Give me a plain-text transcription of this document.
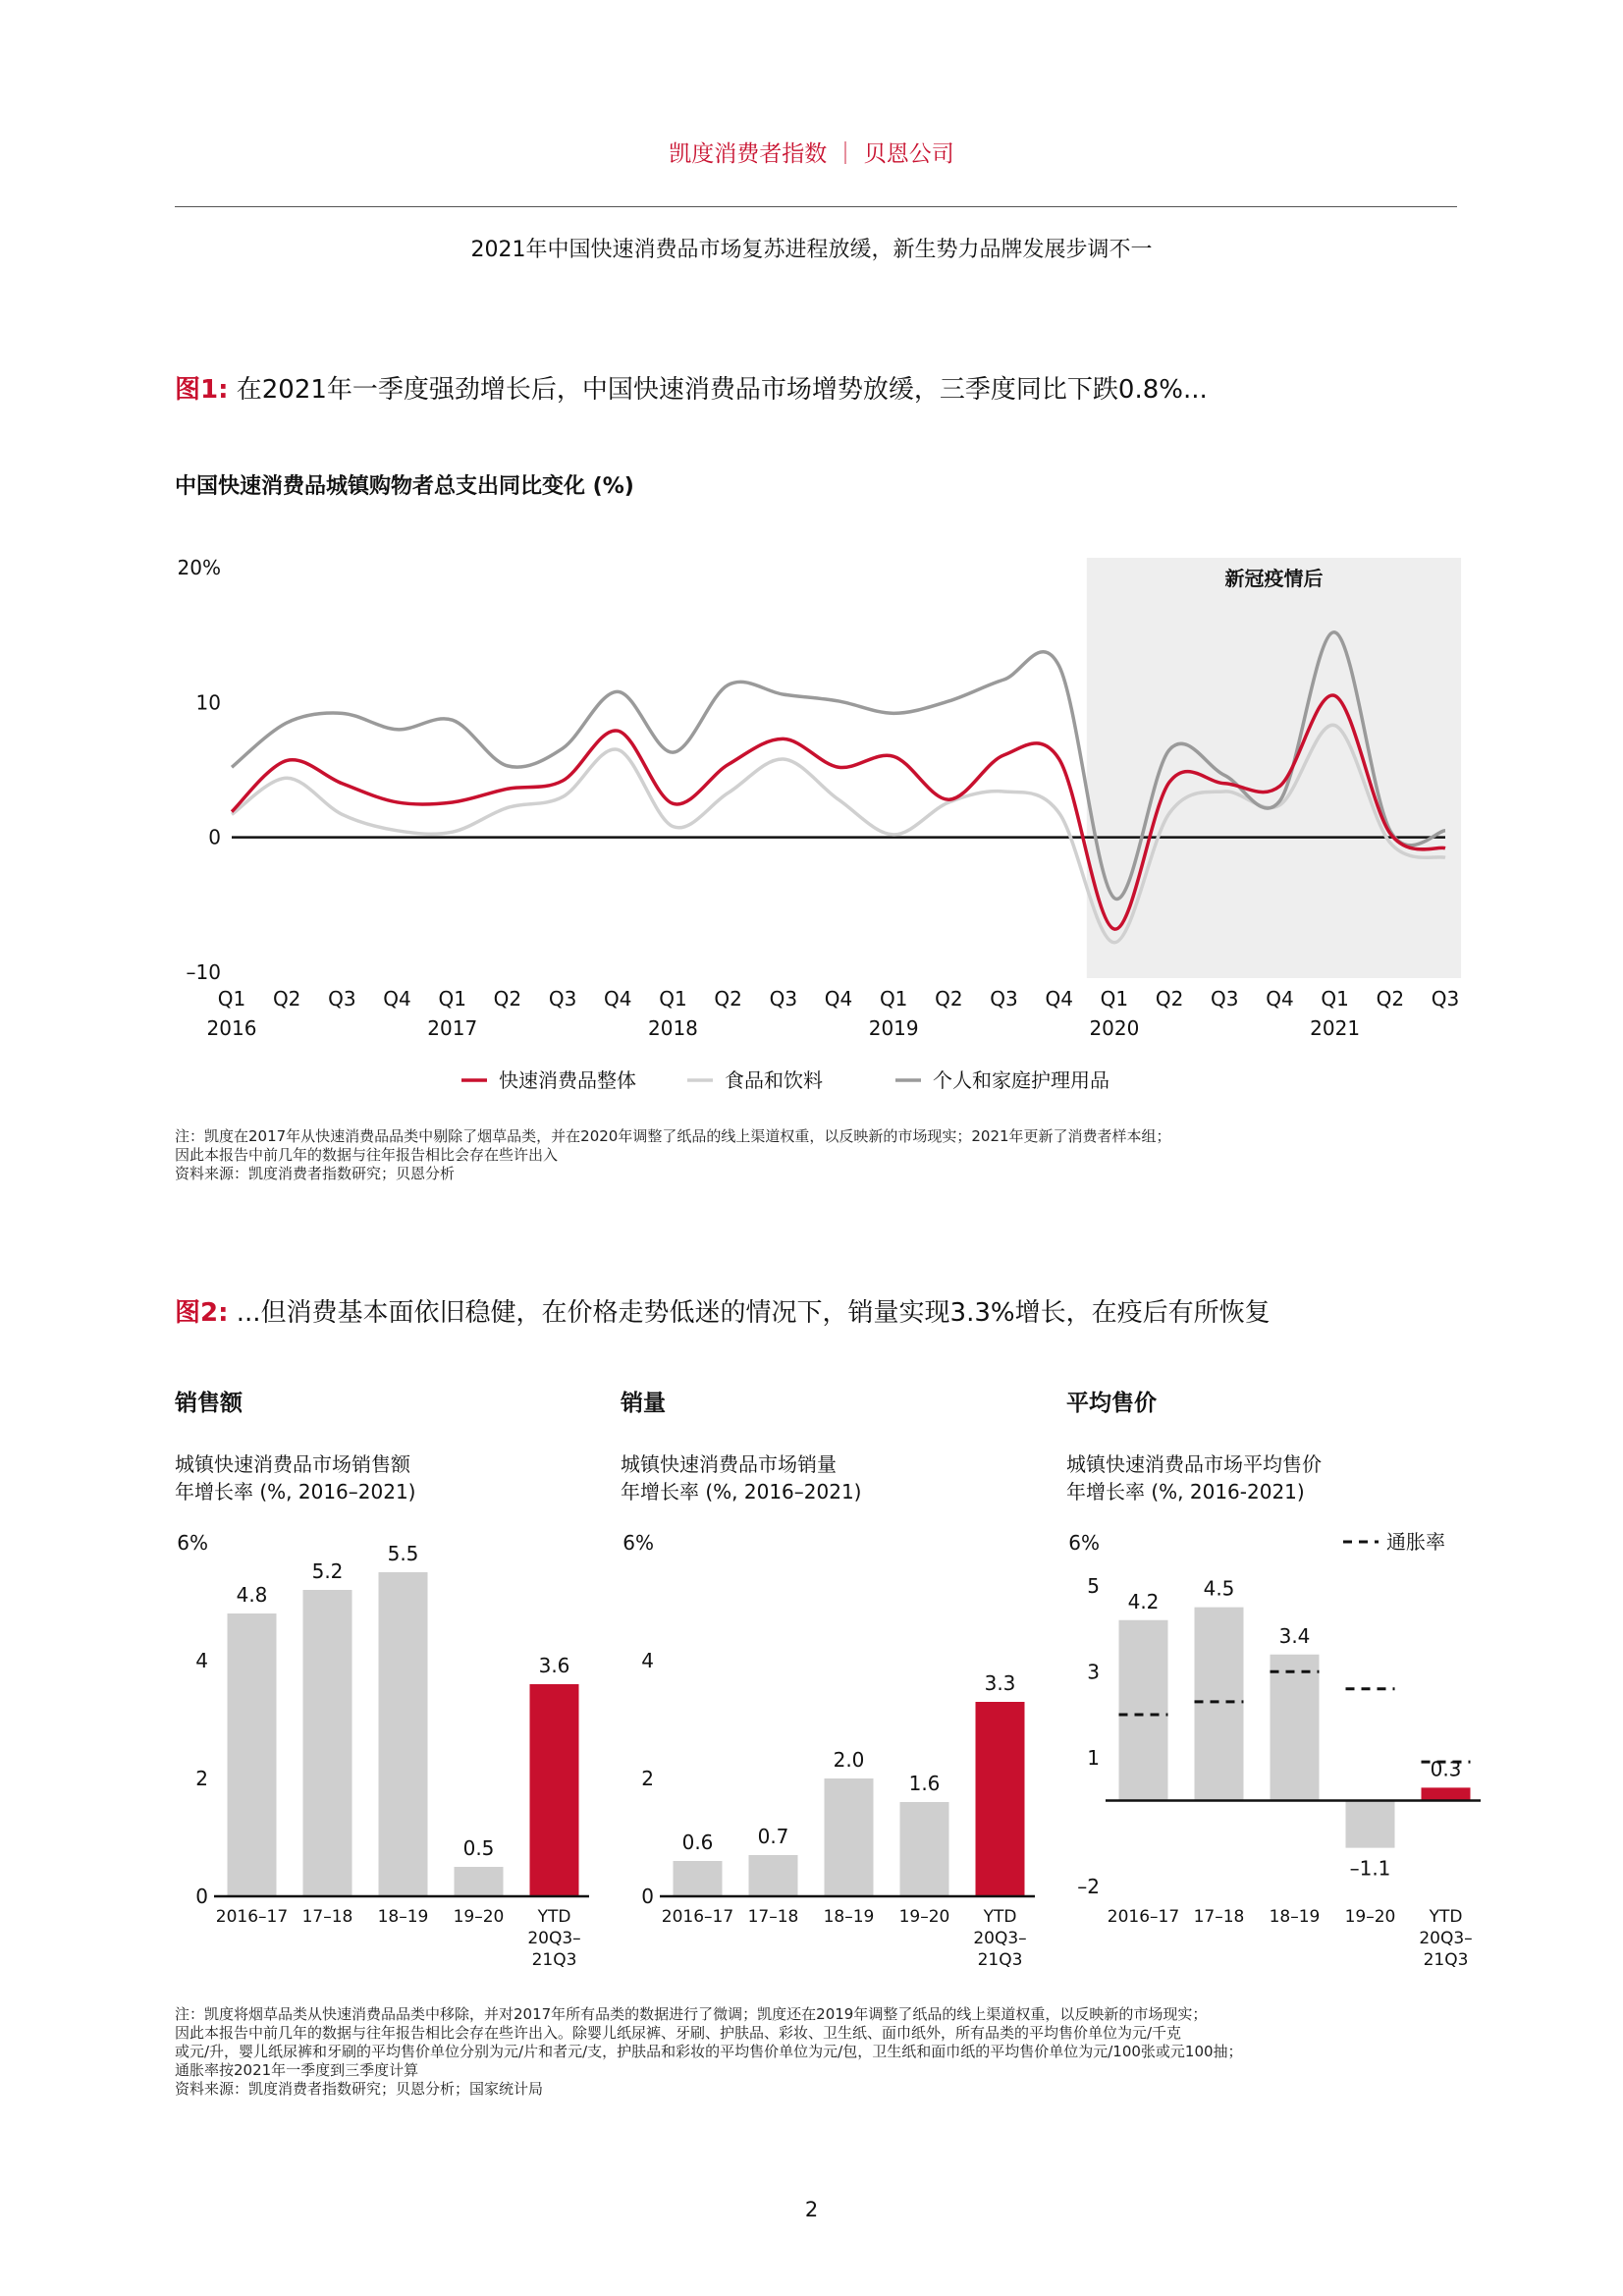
凯度消费者指数 ｜ 贝恩公司
2021年中国快速消费品市场复苏进程放缓，新生势力品牌发展步调不一
图1: 在2021年一季度强劲增长后，中国快速消费品市场增势放缓，三季度同比下跌0.8%...
中国快速消费品城镇购物者总支出同比变化 (%)
新冠疫情后
20%
10
0
–10
Q1 Q2 Q3 Q4 Q1 Q2 Q3 Q4 Q1 Q2 Q3 Q4 Q1 Q2 Q3 Q4 Q1 Q2 Q3 Q4 Q1 Q2 Q3
2016	2017	2018	2019	2020	2021
快速消费品整体	食品和饮料	个人和家庭护理用品
注：凯度在2017年从快速消费品品类中剔除了烟草品类，并在2020年调整了纸品的线上渠道权重，以反映新的市场现实；2021年更新了消费者样本组；
因此本报告中前几年的数据与往年报告相比会存在些许出入
资料来源：凯度消费者指数研究；贝恩分析
图2: ...但消费基本面依旧稳健，在价格走势低迷的情况下，销量实现3.3%增长，在疫后有所恢复
销售额
城镇快速消费品市场销售额
年增长率 (%, 2016–2021)
销量
城镇快速消费品市场销量
年增长率 (%, 2016–2021)
平均售价
城镇快速消费品市场平均售价
年增长率 (%, 2016-2021)
0
2
4
6%
4.8
2016–17
5.2
17–18
5.5
18–19
0.5
19–20
3.6
YTD
20Q3–
21Q3
0
2
4
6%
0.6
2016–17
0.7
17–18
2.0
18–19
1.6
19–20
3.3
YTD
20Q3–
21Q3
–2
1
3
5
6%
4.2
2016–17
4.5
17–18
3.4
18–19
–1.1
19–20
0.3
YTD
20Q3–
21Q3
通胀率
注：凯度将烟草品类从快速消费品品类中移除，并对2017年所有品类的数据进行了微调；凯度还在2019年调整了纸品的线上渠道权重，以反映新的市场现实；
因此本报告中前几年的数据与往年报告相比会存在些许出入。除婴儿纸尿裤、牙刷、护肤品、彩妆、卫生纸、面巾纸外，所有品类的平均售价单位为元/千克
或元/升，婴儿纸尿裤和牙刷的平均售价单位分别为元/片和者元/支，护肤品和彩妆的平均售价单位为元/包，卫生纸和面巾纸的平均售价单位为元/100张或元100抽；
通胀率按2021年一季度到三季度计算
资料来源：凯度消费者指数研究；贝恩分析；国家统计局
2
